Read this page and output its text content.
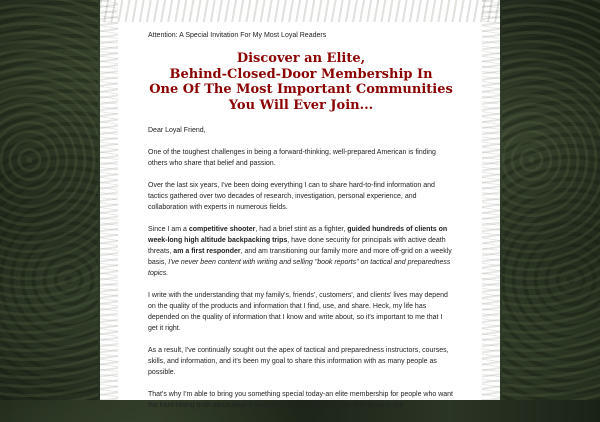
Attention: A Special Invitation For My Most Loyal Readers

Discover an Elite,
Behind-Closed-Door Membership In
One Of The Most Important Communities
You Will Ever Join...

Dear Loyal Friend,

One of the toughest challenges in being a forward-thinking, well-prepared American is finding others who share that belief and passion.

Over the last six years, I've been doing everything I can to share hard-to-find information and tactics gathered over two decades of research, investigation, personal experience, and collaboration with experts in numerous fields.

Since I am a competitive shooter, had a brief stint as a fighter, guided hundreds of clients on week-long high altitude backpacking trips, have done security for principals with active death threats, am a first responder, and am transitioning our family more and more off-grid on a weekly basis, I've never been content with writing and selling "book reports" on tactical and preparedness topics.

I write with the understanding that my family's, friends', customers', and clients' lives may depend on the quality of the products and information that I find, use, and share. Heck, my life has depended on the quality of information that I know and write about, so it's important to me that I get it right.

As a result, I've continually sought out the apex of tactical and preparedness instructors, courses, skills, and information, and it's been my goal to share this information with as many people as possible.

That's why I'm able to bring you something special today-an elite membership for people who want the hard-hitting truth about what it takes to survive in any situation and thrive in the
